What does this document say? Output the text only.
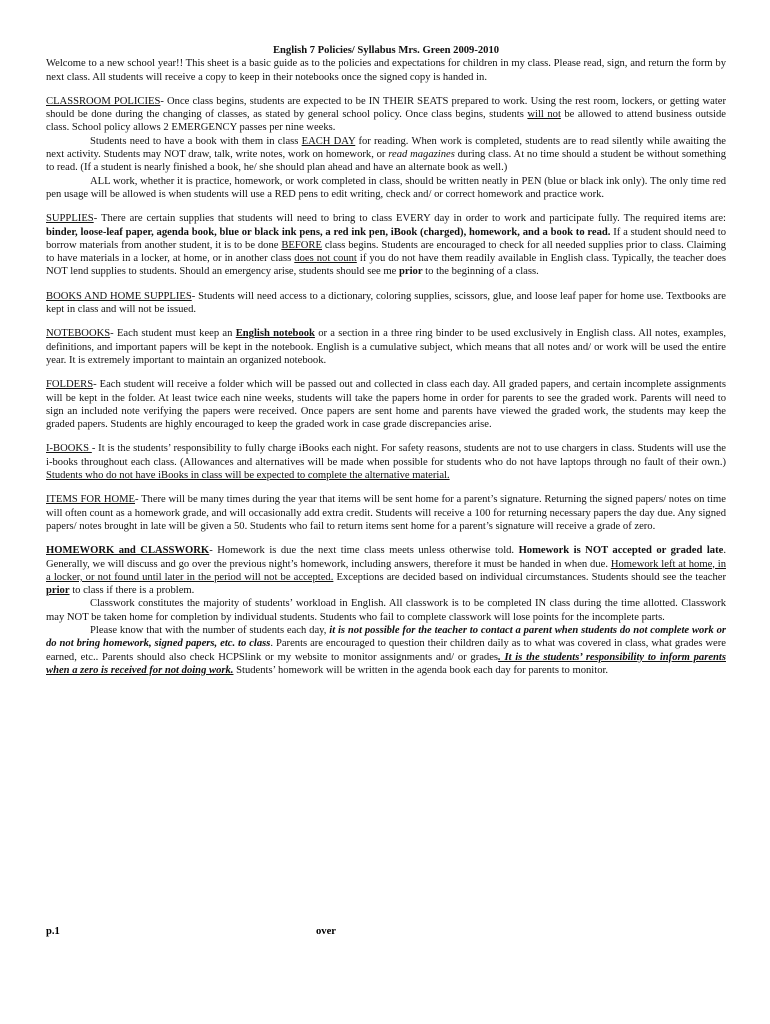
English 7 Policies/ Syllabus Mrs. Green 2009-2010

Welcome to a new school year!! This sheet is a basic guide as to the policies and expectations for children in my class. Please read, sign, and return the form by next class. All students will receive a copy to keep in their notebooks once the signed copy is handed in.

CLASSROOM POLICIES- Once class begins, students are expected to be IN THEIR SEATS prepared to work. Using the rest room, lockers, or getting water should be done during the changing of classes, as stated by general school policy. Once class begins, students will not be allowed to attend business outside class. School policy allows 2 EMERGENCY passes per nine weeks.

Students need to have a book with them in class EACH DAY for reading. When work is completed, students are to read silently while awaiting the next activity. Students may NOT draw, talk, write notes, work on homework, or read magazines during class. At no time should a student be without something to read. (If a student is nearly finished a book, he/ she should plan ahead and have an alternate book as well.)

ALL work, whether it is practice, homework, or work completed in class, should be written neatly in PEN (blue or black ink only). The only time red pen usage will be allowed is when students will use a RED pens to edit writing, check and/ or correct homework and practice work.

SUPPLIES- There are certain supplies that students will need to bring to class EVERY day in order to work and participate fully. The required items are: binder, loose-leaf paper, agenda book, blue or black ink pens, a red ink pen, iBook (charged), homework, and a book to read. If a student should need to borrow materials from another student, it is to be done BEFORE class begins. Students are encouraged to check for all needed supplies prior to class. Claiming to have materials in a locker, at home, or in another class does not count if you do not have them readily available in English class. Typically, the teacher does NOT lend supplies to students. Should an emergency arise, students should see me prior to the beginning of a class.

BOOKS AND HOME SUPPLIES- Students will need access to a dictionary, coloring supplies, scissors, glue, and loose leaf paper for home use. Textbooks are kept in class and will not be issued.

NOTEBOOKS- Each student must keep an English notebook or a section in a three ring binder to be used exclusively in English class. All notes, examples, definitions, and important papers will be kept in the notebook. English is a cumulative subject, which means that all notes and/ or work will be used the entire year. It is extremely important to maintain an organized notebook.

FOLDERS- Each student will receive a folder which will be passed out and collected in class each day. All graded papers, and certain incomplete assignments will be kept in the folder. At least twice each nine weeks, students will take the papers home in order for parents to see the graded work. Parents will need to sign an included note verifying the papers were received. Once papers are sent home and parents have viewed the graded work, the students may keep the graded papers. Students are highly encouraged to keep the graded work in case grade discrepancies arise.

I-BOOKS - It is the students’ responsibility to fully charge iBooks each night. For safety reasons, students are not to use chargers in class. Students will use the i-books throughout each class. (Allowances and alternatives will be made when possible for students who do not have laptops through no fault of their own.) Students who do not have iBooks in class will be expected to complete the alternative material.

ITEMS FOR HOME- There will be many times during the year that items will be sent home for a parent’s signature. Returning the signed papers/ notes on time will often count as a homework grade, and will occasionally add extra credit. Students will receive a 100 for returning necessary papers the day due. Any signed papers/ notes brought in late will be given a 50. Students who fail to return items sent home for a parent’s signature will receive a grade of zero.

HOMEWORK and CLASSWORK- Homework is due the next time class meets unless otherwise told. Homework is NOT accepted or graded late. Generally, we will discuss and go over the previous night’s homework, including answers, therefore it must be handed in when due. Homework left at home, in a locker, or not found until later in the period will not be accepted. Exceptions are decided based on individual circumstances. Students should see the teacher prior to class if there is a problem.

Classwork constitutes the majority of students’ workload in English. All classwork is to be completed IN class during the time allotted. Classwork may NOT be taken home for completion by individual students. Students who fail to complete classwork will lose points for the incomplete parts.

Please know that with the number of students each day, it is not possible for the teacher to contact a parent when students do not complete work or do not bring homework, signed papers, etc. to class. Parents are encouraged to question their children daily as to what was covered in class, what grades were earned, etc.. Parents should also check HCPSlink or my website to monitor assignments and/ or grades. It is the students’ responsibility to inform parents when a zero is received for not doing work. Students’ homework will be written in the agenda book each day for parents to monitor.

p.1	over
